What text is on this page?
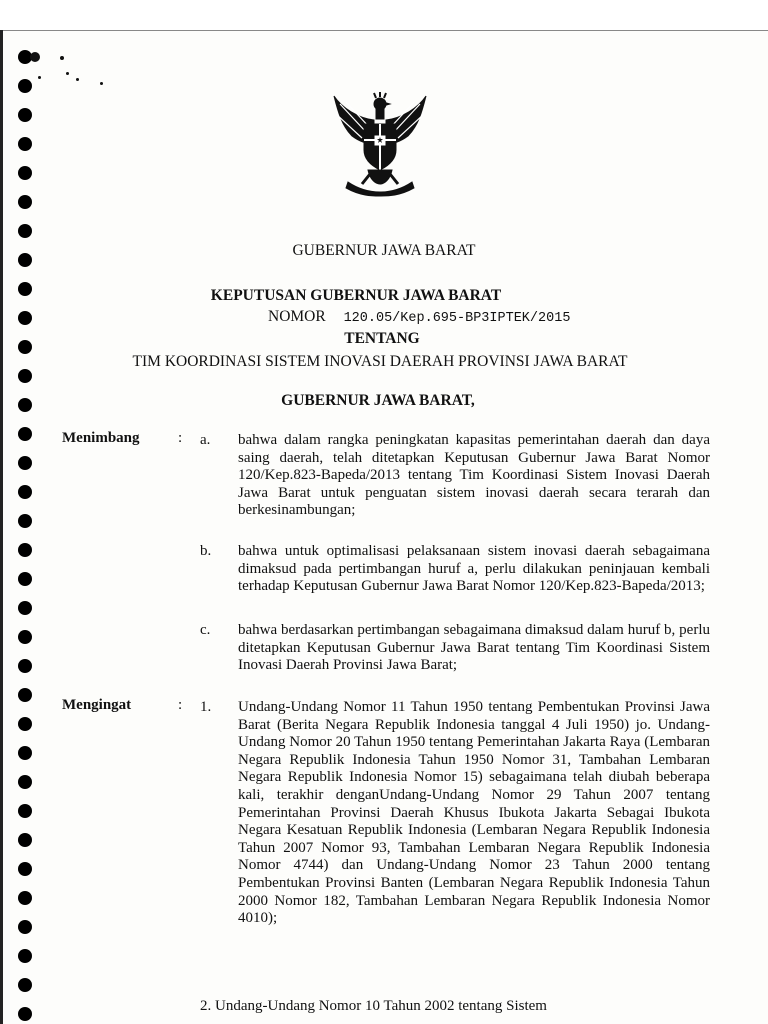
GUBERNUR JAWA BARAT
KEPUTUSAN GUBERNUR JAWA BARAT
NOMOR 120.05/Kep.695-BP3IPTEK/2015
TENTANG
TIM KOORDINASI SISTEM INOVASI DAERAH PROVINSI JAWA BARAT
GUBERNUR JAWA BARAT,
Menimbang	: a. bahwa dalam rangka peningkatan kapasitas pemerintahan daerah dan daya saing daerah, telah ditetapkan Keputusan Gubernur Jawa Barat Nomor 120/Kep.823-Bapeda/2013 tentang Tim Koordinasi Sistem Inovasi Daerah Jawa Barat untuk penguatan sistem inovasi daerah secara terarah dan berkesinambungan;
b. bahwa untuk optimalisasi pelaksanaan sistem inovasi daerah sebagaimana dimaksud pada pertimbangan huruf a, perlu dilakukan peninjauan kembali terhadap Keputusan Gubernur Jawa Barat Nomor 120/Kep.823-Bapeda/2013;
c. bahwa berdasarkan pertimbangan sebagaimana dimaksud dalam huruf b, perlu ditetapkan Keputusan Gubernur Jawa Barat tentang Tim Koordinasi Sistem Inovasi Daerah Provinsi Jawa Barat;
Mengingat	: 1. Undang-Undang Nomor 11 Tahun 1950 tentang Pembentukan Provinsi Jawa Barat (Berita Negara Republik Indonesia tanggal 4 Juli 1950) jo. Undang-Undang Nomor 20 Tahun 1950 tentang Pemerintahan Jakarta Raya (Lembaran Negara Republik Indonesia Tahun 1950 Nomor 31, Tambahan Lembaran Negara Republik Indonesia Nomor 15) sebagaimana telah diubah beberapa kali, terakhir denganUndang-Undang Nomor 29 Tahun 2007 tentang Pemerintahan Provinsi Daerah Khusus Ibukota Jakarta Sebagai Ibukota Negara Kesatuan Republik Indonesia (Lembaran Negara Republik Indonesia Tahun 2007 Nomor 93, Tambahan Lembaran Negara Republik Indonesia Nomor 4744) dan Undang-Undang Nomor 23 Tahun 2000 tentang Pembentukan Provinsi Banten (Lembaran Negara Republik Indonesia Tahun 2000 Nomor 182, Tambahan Lembaran Negara Republik Indonesia Nomor 4010);
2. Undang-Undang Nomor 10 Tahun 2002 tentang Sistem
